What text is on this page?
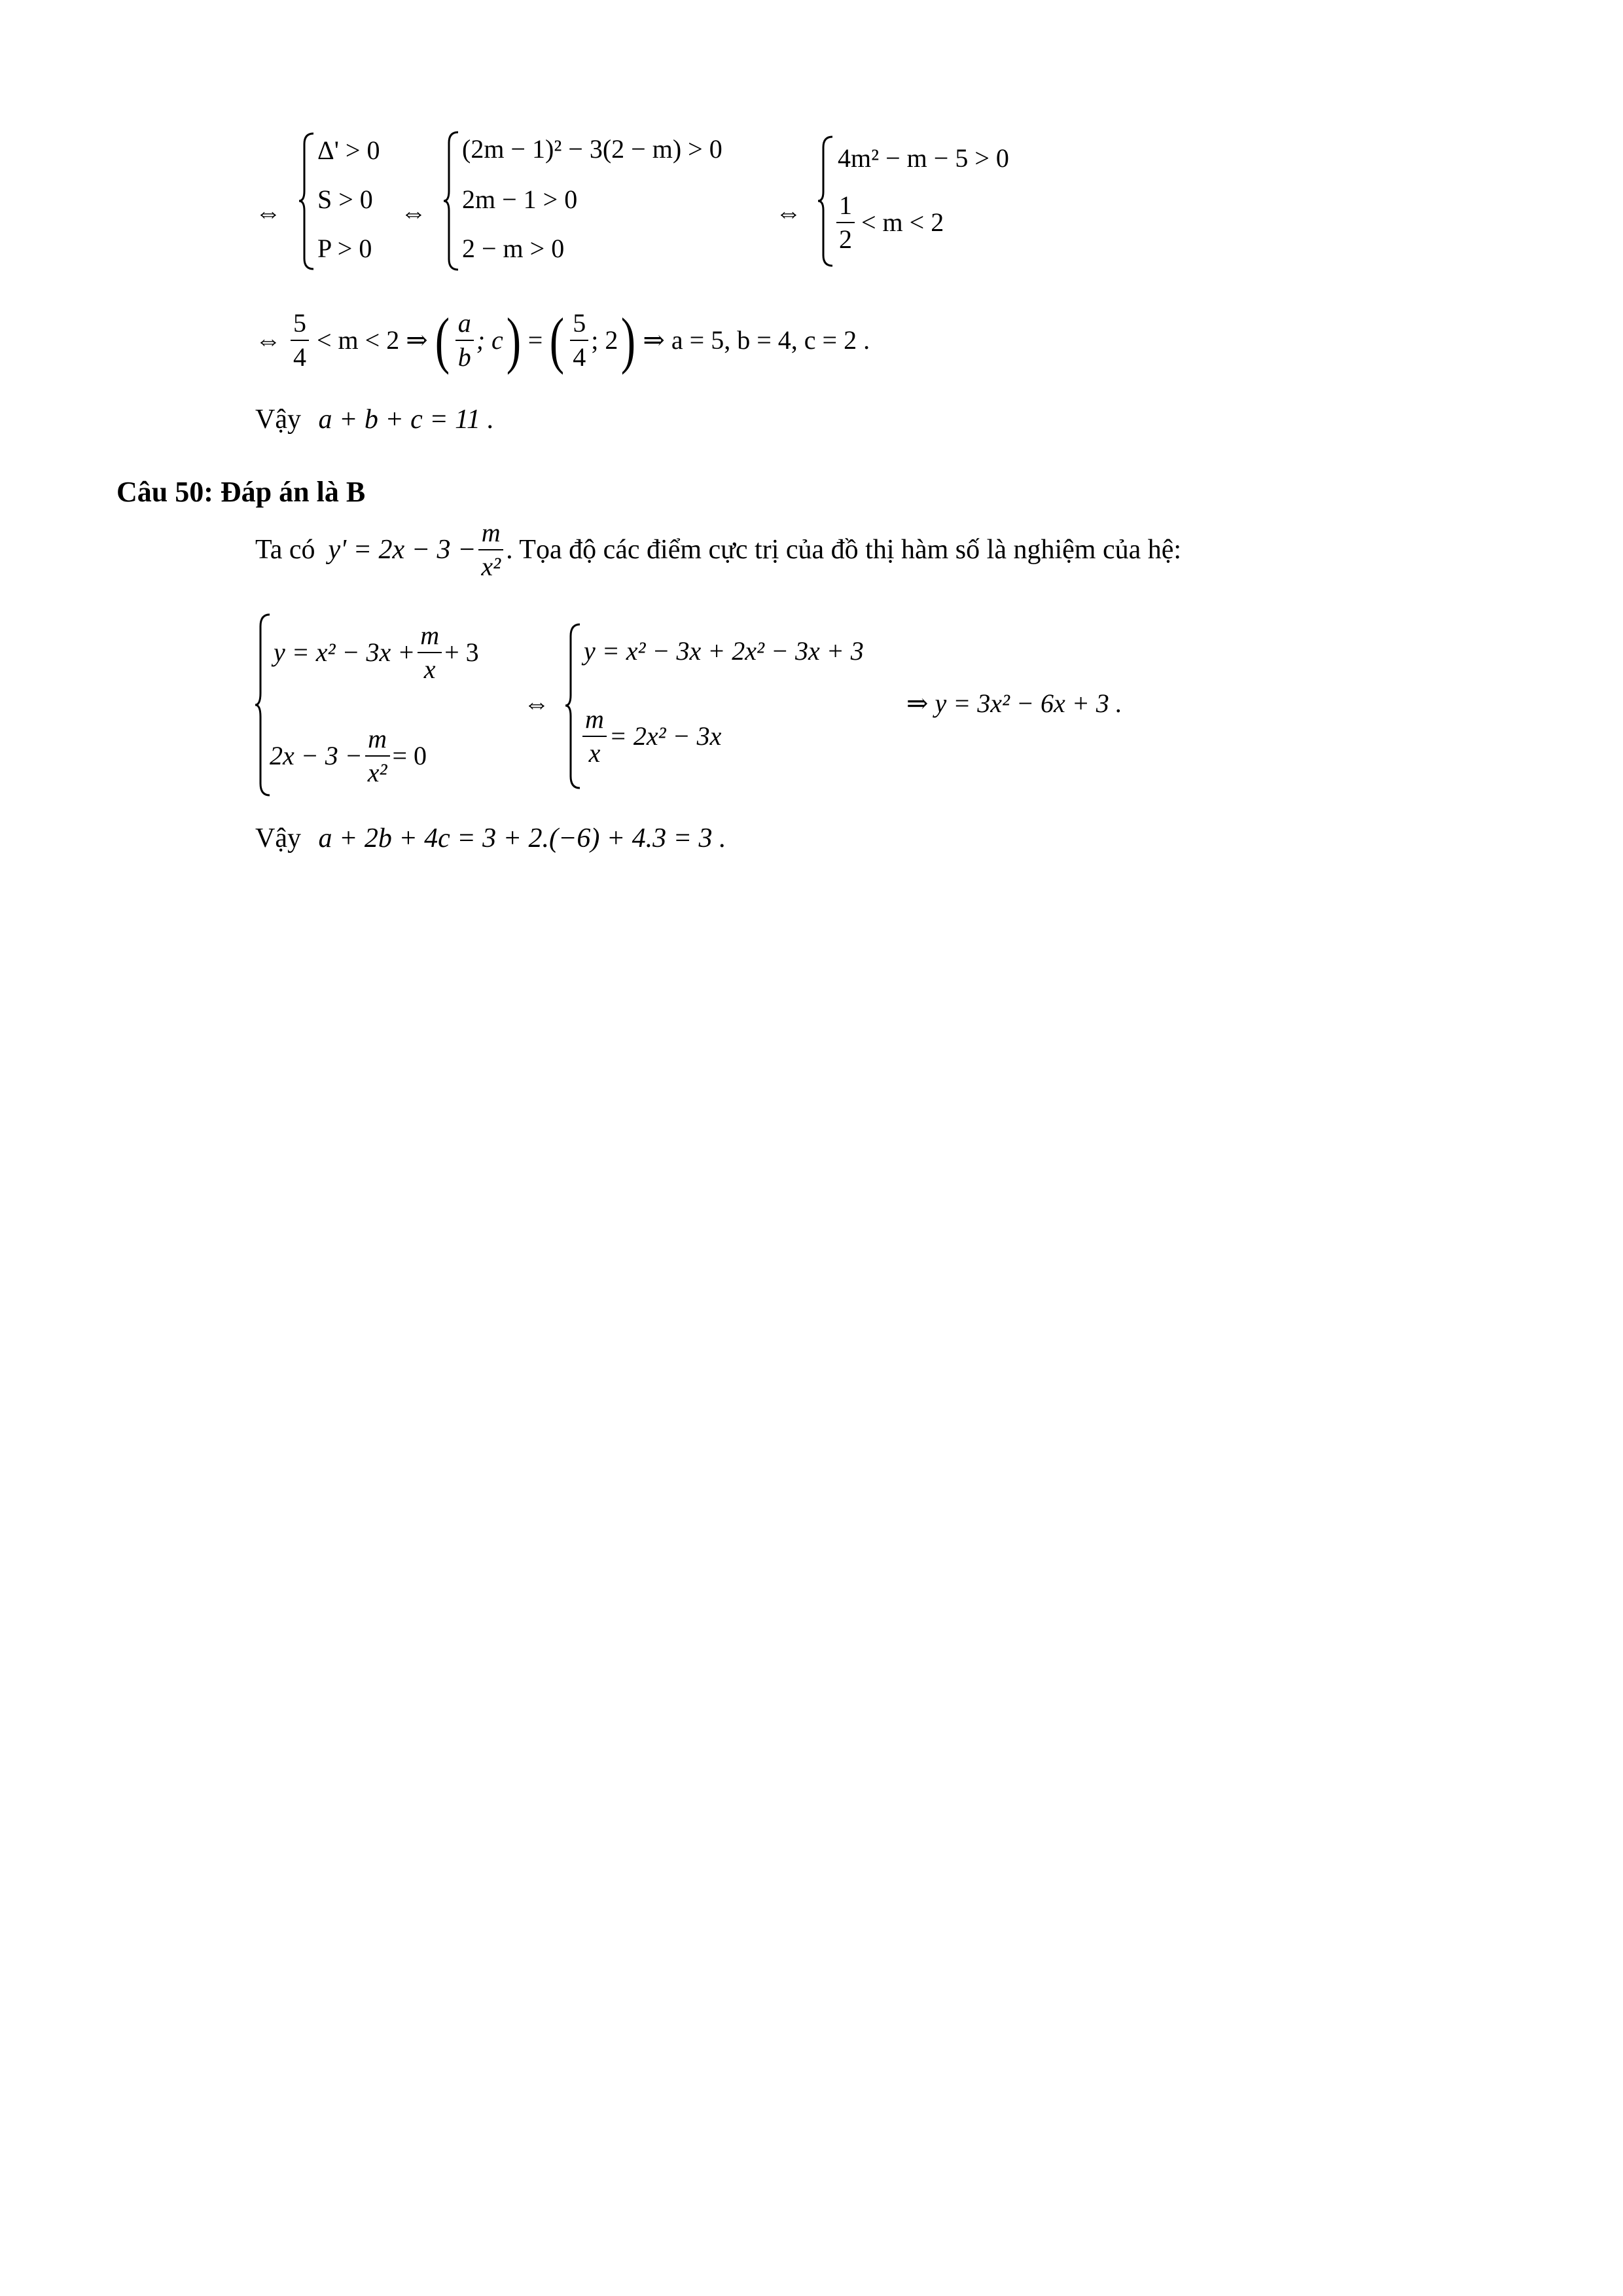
⇔
Δ' > 0
S > 0
P > 0
⇔
(2m − 1)² − 3(2 − m) > 0
2m − 1 > 0
2 − m > 0
⇔
4m² − m − 5 > 0
$\frac{1}{2} < m < 2$
⇔ $\frac{5}{4} < m < 2$ ⇒ ( $\frac{a}{b}$ ; c ) = ( $\frac{5}{4}$ ; 2 ) ⇒ a = 5, b = 4, c = 2 .
Vậy a + b + c = 11 .
Câu 50: Đáp án là B
Ta có $y' = 2x - 3 - \frac{m}{\text{x²}}$ . Tọa độ các điểm cực trị của đồ thị hàm số là nghiệm của hệ:
$y = x^2 - 3x + \frac{m}{x} + 3$
$2x - 3 - \frac{m}{\text{x²}} = 0$
⇔
y = x² − 3x + 2x² − 3x + 3
$\frac{m}{x} = 2x^2 - 3x$
⇒ y = 3x² − 6x + 3 .
Vậy a + 2b + 4c = 3 + 2.(−6) + 4.3 = 3 .
